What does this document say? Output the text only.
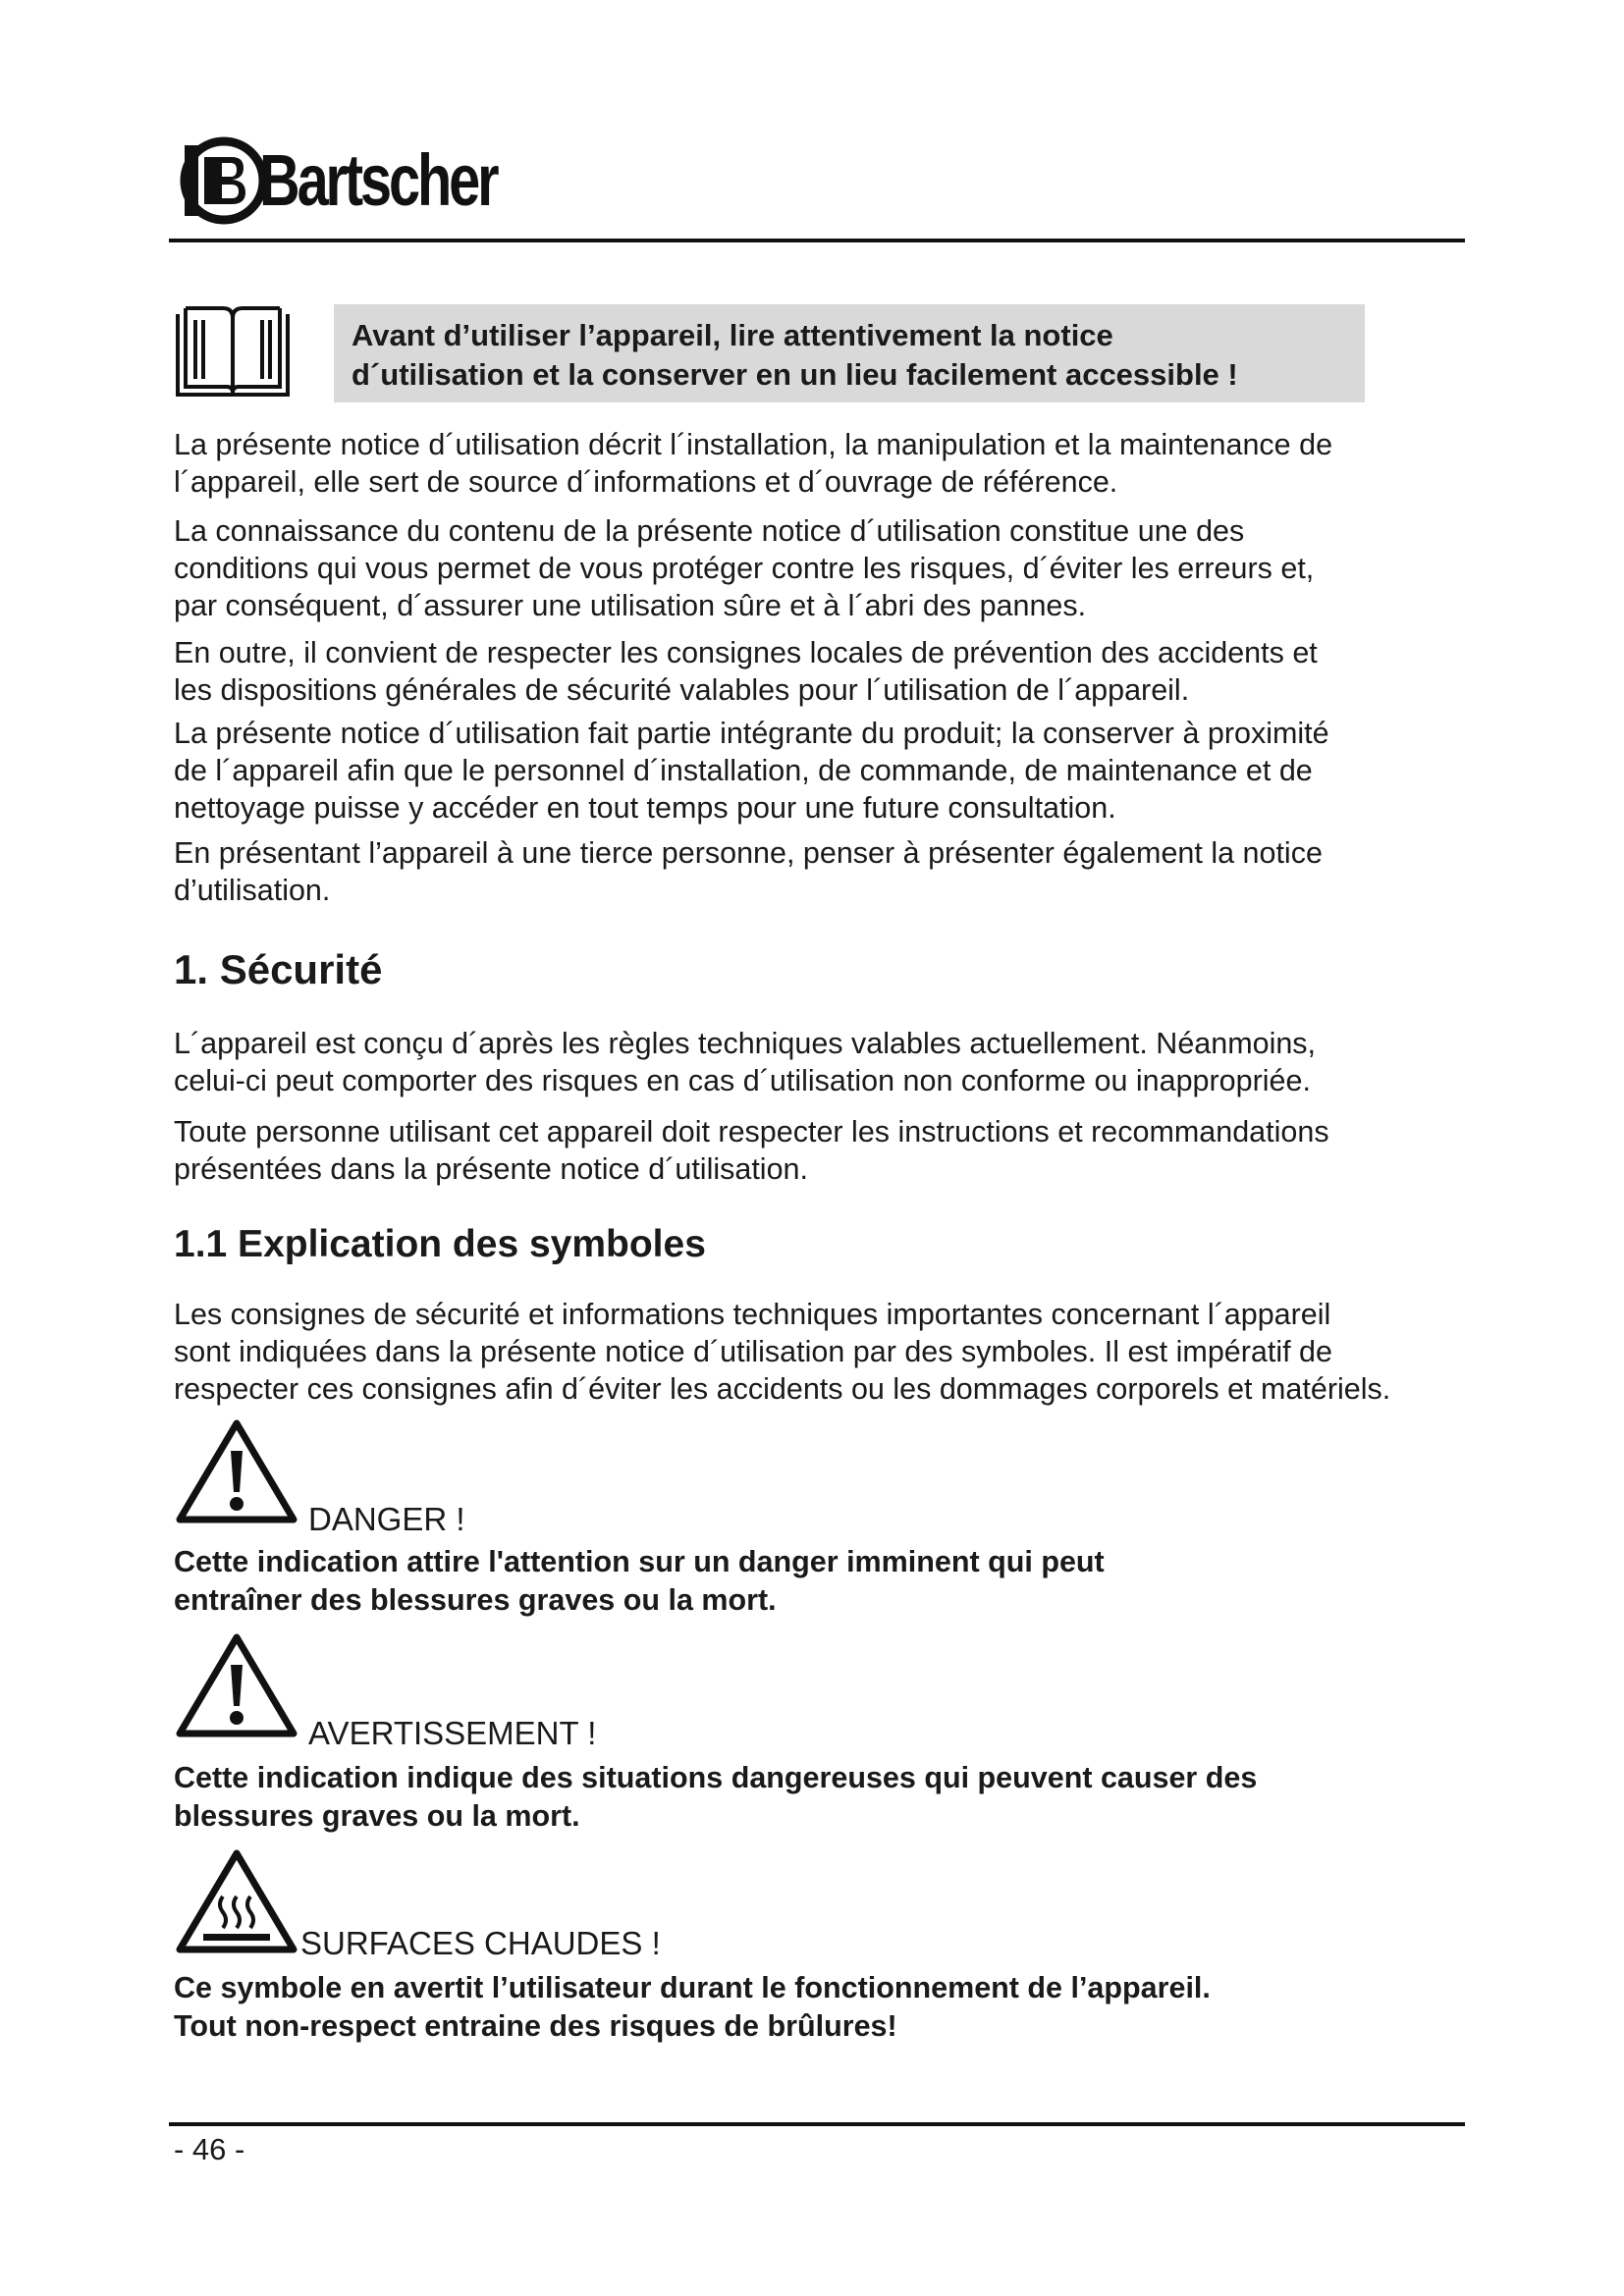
Bartscher
Avant d’utiliser l’appareil, lire attentivement la notice
d´utilisation et la conserver en un lieu facilement accessible !

La présente notice d´utilisation décrit l´installation, la manipulation et la maintenance de
l´appareil, elle sert de source d´informations et d´ouvrage de référence.

La connaissance du contenu de la présente notice d´utilisation constitue une des
conditions qui vous permet de vous protéger contre les risques, d´éviter les erreurs et,
par conséquent, d´assurer une utilisation sûre et à l´abri des pannes.

En outre, il convient de respecter les consignes locales de prévention des accidents et
les dispositions générales de sécurité valables pour l´utilisation de l´appareil.

La présente notice d´utilisation fait partie intégrante du produit; la conserver à proximité
de l´appareil afin que le personnel d´installation, de commande, de maintenance et de
nettoyage puisse y accéder en tout temps pour une future consultation.

En présentant l’appareil à une tierce personne, penser à présenter également la notice
d’utilisation.

1. Sécurité

L´appareil est conçu d´après les règles techniques valables actuellement. Néanmoins,
celui-ci peut comporter des risques en cas d´utilisation non conforme ou inappropriée.

Toute personne utilisant cet appareil doit respecter les instructions et recommandations
présentées dans la présente notice d´utilisation.

1.1 Explication des symboles

Les consignes de sécurité et informations techniques importantes concernant l´appareil
sont indiquées dans la présente notice d´utilisation par des symboles. Il est impératif de
respecter ces consignes afin d´éviter les accidents ou les dommages corporels et matériels.

DANGER !
Cette indication attire l'attention sur un danger imminent qui peut
entraîner des blessures graves ou la mort.
AVERTISSEMENT !
Cette indication indique des situations dangereuses qui peuvent causer des
blessures graves ou la mort.
SURFACES CHAUDES !
Ce symbole en avertit l’utilisateur durant le fonctionnement de l’appareil.
Tout non-respect entraine des risques de brûlures!
- 46 -
